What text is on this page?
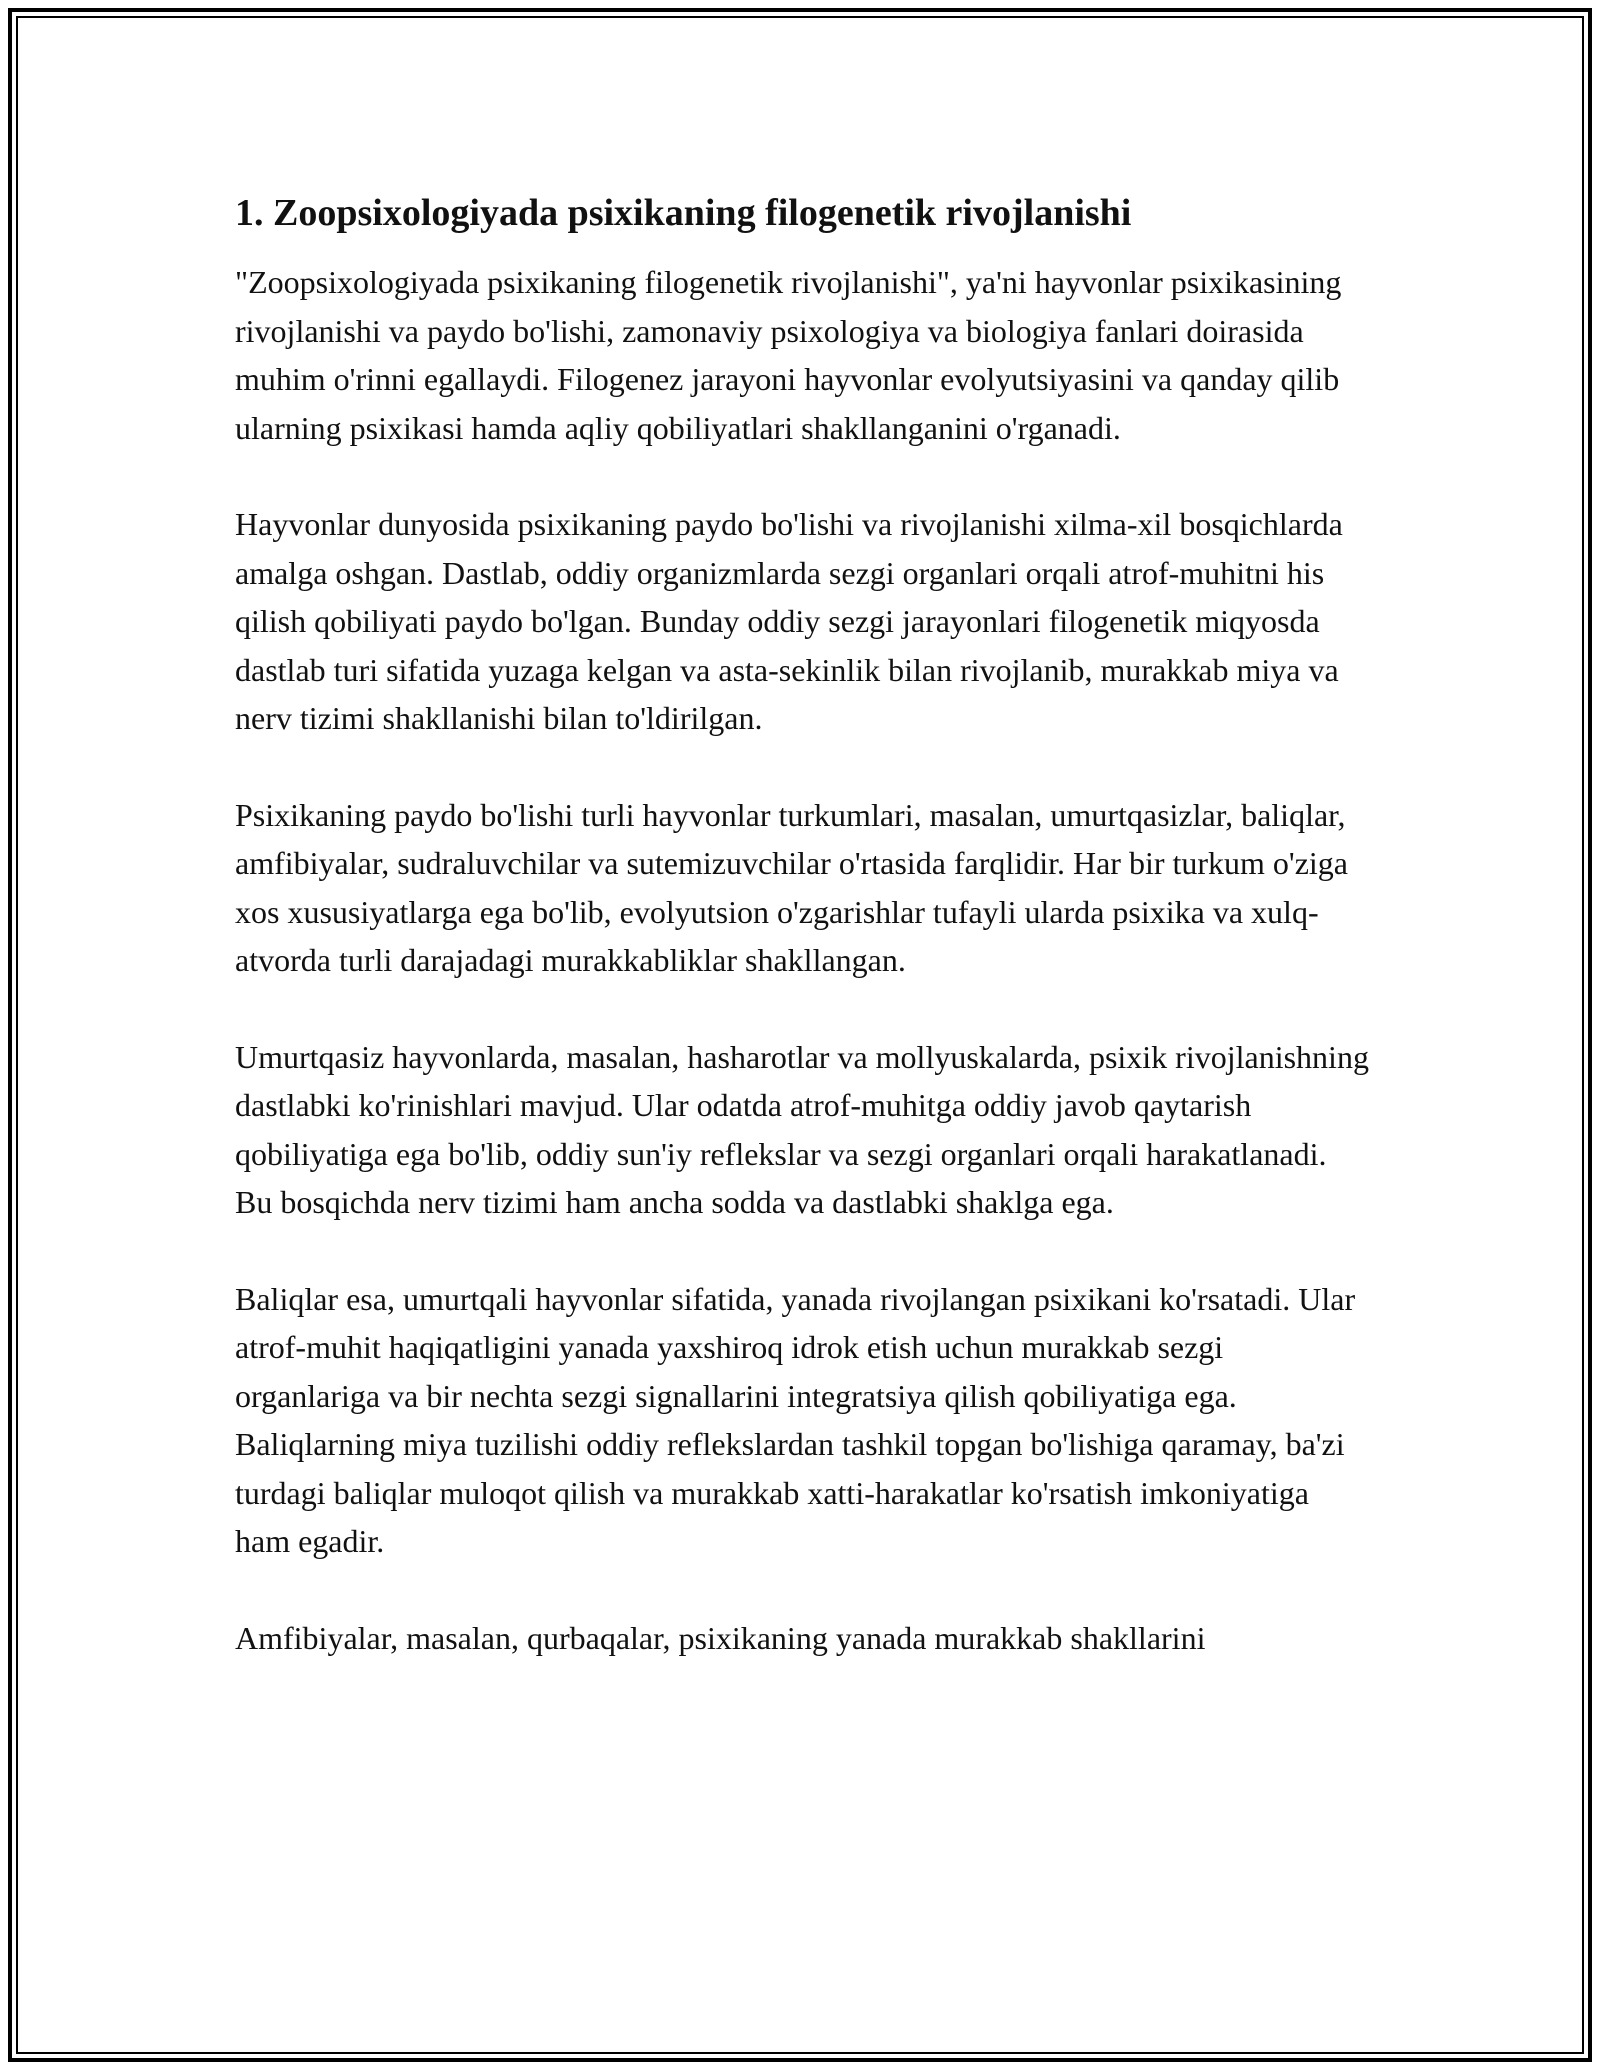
1. Zoopsixologiyada psixikaning filogenetik rivojlanishi

"Zoopsixologiyada psixikaning filogenetik rivojlanishi", ya'ni hayvonlar psixikasining rivojlanishi va paydo bo'lishi, zamonaviy psixologiya va biologiya fanlari doirasida muhim o'rinni egallaydi. Filogenez jarayoni hayvonlar evolyutsiyasini va qanday qilib ularning psixikasi hamda aqliy qobiliyatlari shakllanganini o'rganadi.

Hayvonlar dunyosida psixikaning paydo bo'lishi va rivojlanishi xilma-xil bosqichlarda amalga oshgan. Dastlab, oddiy organizmlarda sezgi organlari orqali atrof-muhitni his qilish qobiliyati paydo bo'lgan. Bunday oddiy sezgi jarayonlari filogenetik miqyosda dastlab turi sifatida yuzaga kelgan va asta-sekinlik bilan rivojlanib, murakkab miya va nerv tizimi shakllanishi bilan to'ldirilgan.

Psixikaning paydo bo'lishi turli hayvonlar turkumlari, masalan, umurtqasizlar, baliqlar, amfibiyalar, sudraluvchilar va sutemizuvchilar o'rtasida farqlidir. Har bir turkum o'ziga xos xususiyatlarga ega bo'lib, evolyutsion o'zgarishlar tufayli ularda psixika va xulq-atvorda turli darajadagi murakkabliklar shakllangan.

Umurtqasiz hayvonlarda, masalan, hasharotlar va mollyuskalarda, psixik rivojlanishning dastlabki ko'rinishlari mavjud. Ular odatda atrof-muhitga oddiy javob qaytarish qobiliyatiga ega bo'lib, oddiy sun'iy reflekslar va sezgi organlari orqali harakatlanadi. Bu bosqichda nerv tizimi ham ancha sodda va dastlabki shaklga ega.

Baliqlar esa, umurtqali hayvonlar sifatida, yanada rivojlangan psixikani ko'rsatadi. Ular atrof-muhit haqiqatligini yanada yaxshiroq idrok etish uchun murakkab sezgi organlariga va bir nechta sezgi signallarini integratsiya qilish qobiliyatiga ega. Baliqlarning miya tuzilishi oddiy reflekslardan tashkil topgan bo'lishiga qaramay, ba'zi turdagi baliqlar muloqot qilish va murakkab xatti-harakatlar ko'rsatish imkoniyatiga ham egadir.

Amfibiyalar, masalan, qurbaqalar, psixikaning yanada murakkab shakllarini
